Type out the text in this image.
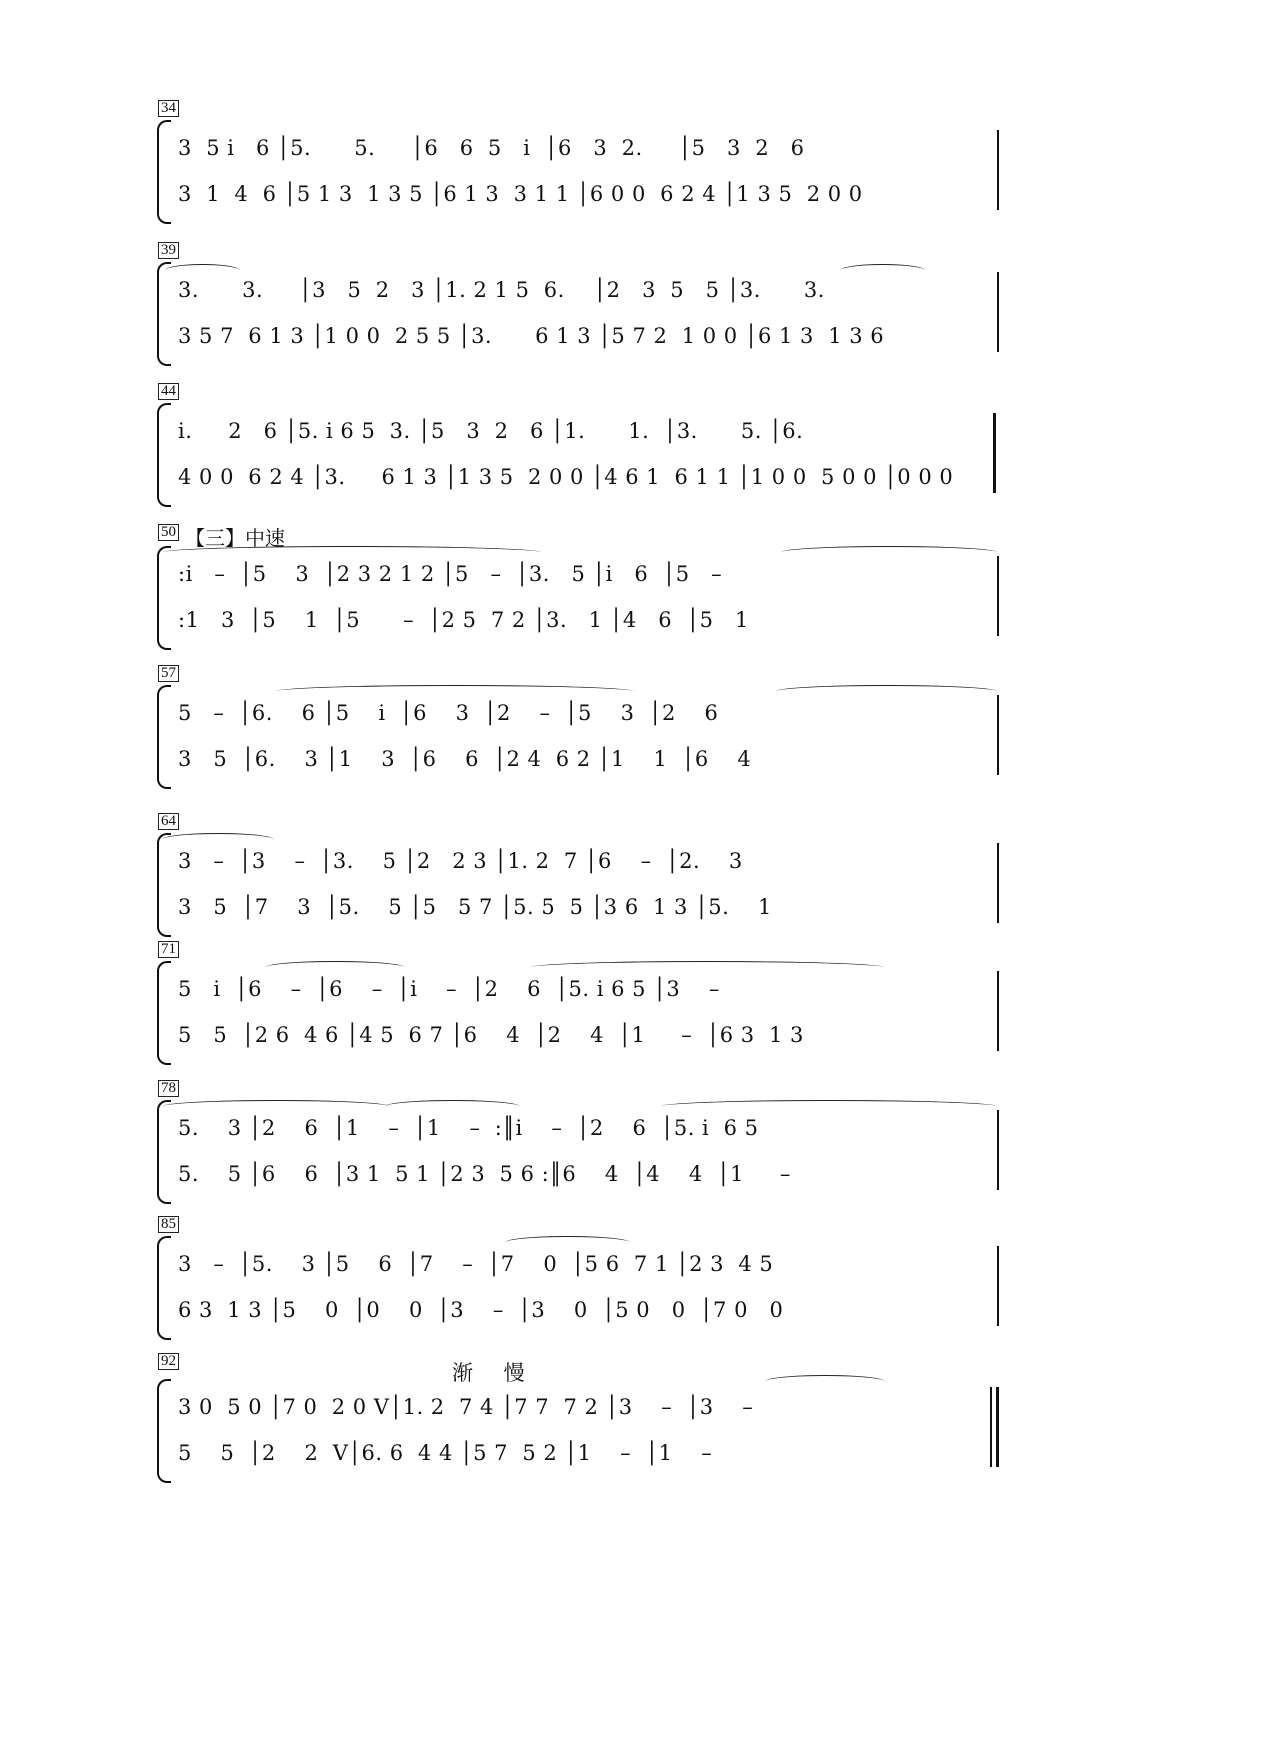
34
3  5 i   6 │5.      5.     │6   6  5   i  │6   3  2.     │5   3  2   6
3  1  4  6 │5 1 3  1 3 5 │6 1 3  3 1 1 │6 0 0  6 2 4 │1 3 5  2 0 0
39
3.      3.     │3   5  2   3 │1. 2 1 5  6.    │2   3  5   5 │3.      3.
3 5 7  6 1 3 │1 0 0  2 5 5 │3.      6 1 3 │5 7 2  1 0 0 │6 1 3  1 3 6
44
i.     2   6 │5. i 6 5  3. │5   3  2   6 │1.      1.  │3.      5. │6.
4 0 0  6 2 4 │3.     6 1 3 │1 3 5  2 0 0 │4 6 1  6 1 1 │1 0 0  5 0 0 │0 0 0
50 【三】中速
:i   –  │5    3  │2 3 2 1 2 │5   –  │3.   5 │i   6  │5   –
:1   3  │5    1  │5      –  │2 5  7 2 │3.   1 │4   6  │5   1
57
5   –  │6.    6 │5    i  │6    3  │2    –  │5    3  │2    6
3   5  │6.    3 │1    3  │6    6  │2 4  6 2 │1    1  │6    4
64
3   –  │3    –  │3.    5 │2   2 3 │1. 2  7 │6    –  │2.    3
3   5  │7    3  │5.    5 │5   5 7 │5. 5  5 │3 6  1 3 │5.    1
71
5   i  │6    –  │6    –  │i    –  │2    6  │5. i 6 5 │3    –
5   5  │2 6  4 6 │4 5  6 7 │6    4  │2    4  │1     –  │6 3  1 3
78
5.    3 │2    6  │1    –  │1    –  :║i    –  │2    6  │5. i  6 5
5.    5 │6    6  │3 1  5 1 │2 3  5 6 :║6    4  │4    4  │1     –
85
3   –  │5.    3 │5    6  │7    –  │7    0  │5 6  7 1 │2 3  4 5
6 3  1 3 │5    0  │0    0  │3    –  │3    0  │5 0   0  │7 0   0
92	渐 慢
3 0  5 0 │7 0  2 0 V│1. 2  7 4 │7 7  7 2 │3    –  │3    –
5    5  │2    2  V│6. 6  4 4 │5 7  5 2 │1    –  │1    –
